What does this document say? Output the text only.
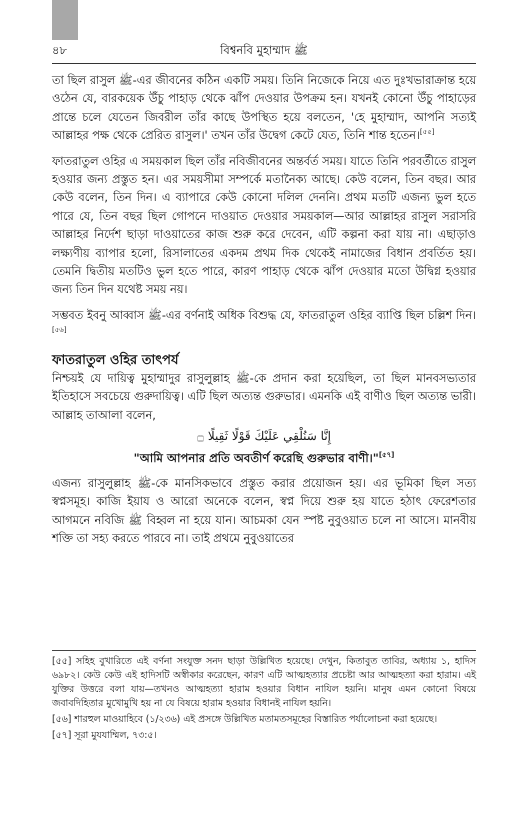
৪৮	বিশ্বনবি মুহাম্মাদ ﷺ

তা ছিল রাসুল ﷺ-এর জীবনের কঠিন একটি সময়। তিনি নিজেকে নিয়ে এত দুঃখভারাক্রান্ত হয়ে ওঠেন যে, বারকয়েক উঁচু পাহাড় থেকে ঝাঁপ দেওয়ার উপক্রম হন। যখনই কোনো উঁচু পাহাড়ের প্রান্তে চলে যেতেন জিবরীল তাঁর কাছে উপস্থিত হয়ে বলতেন, 'হে মুহাম্মাদ, আপনি সত্যই আল্লাহর পক্ষ থেকে প্রেরিত রাসুল।' তখন তাঁর উদ্বেগ কেটে যেত, তিনি শান্ত হতেন।[৫৫]

ফাতরাতুল ওহির এ সময়কাল ছিল তাঁর নবিজীবনের অন্তর্বর্ত সময়। যাতে তিনি পরবর্তীতে রাসুল হওয়ার জন্য প্রস্তুত হন। এর সময়সীমা সম্পর্কে মতানৈক্য আছে। কেউ বলেন, তিন বছর। আর কেউ বলেন, তিন দিন। এ ব্যাপারে কেউ কোনো দলিল দেননি। প্রথম মতটি এজন্য ভুল হতে পারে যে, তিন বছর ছিল গোপনে দাওয়াত দেওয়ার সময়কাল—আর আল্লাহর রাসুল সরাসরি আল্লাহর নির্দেশ ছাড়া দাওয়াতের কাজ শুরু করে দেবেন, এটি কল্পনা করা যায় না। এছাড়াও লক্ষ্যণীয় ব্যাপার হলো, রিসালাতের একদম প্রথম দিক থেকেই নামাজের বিধান প্রবর্তিত হয়। তেমনি দ্বিতীয় মতটিও ভুল হতে পারে, কারণ পাহাড় থেকে ঝাঁপ দেওয়ার মতো উদ্বিগ্ন হওয়ার জন্য তিন দিন যথেষ্ট সময় নয়।

সম্ভবত ইবনু আব্বাস ﷺ-এর বর্ণনাই অধিক বিশুদ্ধ যে, ফাতরাতুল ওহির ব্যাপ্তি ছিল চল্লিশ দিন।[৫৬]

ফাতরাতুল ওহির তাৎপর্য

নিশ্চয়ই যে দায়িত্ব মুহাম্মাদুর রাসুলুল্লাহ ﷺ-কে প্রদান করা হয়েছিল, তা ছিল মানবসভ্যতার ইতিহাসে সবচেয়ে গুরুদায়িত্ব। এটি ছিল অত্যন্ত গুরুভার। এমনকি এই বাণীও ছিল অত্যন্ত ভারী। আল্লাহ তাআলা বলেন,

إِنَّا سَنُلْقِي عَلَيْكَ قَوْلًا ثَقِيلًا ۝
"আমি আপনার প্রতি অবতীর্ণ করেছি গুরুভার বাণী।"[৫৭]

এজন্য রাসুলুল্লাহ ﷺ-কে মানসিকভাবে প্রস্তুত করার প্রয়োজন হয়। এর ভূমিকা ছিল সত্য স্বপ্নসমূহ। কাজি ইয়ায ও আরো অনেকে বলেন, স্বপ্ন দিয়ে শুরু হয় যাতে হঠাৎ ফেরেশতার আগমনে নবিজি ﷺ বিহ্বল না হয়ে যান। আচমকা যেন স্পষ্ট নুবুওয়াত চলে না আসে। মানবীয় শক্তি তা সহ্য করতে পারবে না। তাই প্রথমে নুবুওয়াতের

[৫৫] সহিহ বুখারিতে এই বর্ণনা সংযুক্ত সনদ ছাড়া উল্লিখিত হয়েছে। দেখুন, কিতাবুত তাবির, অধ্যায় ১, হাদিস ৬৯৮২। কেউ কেউ এই হাদিসটি অস্বীকার করেছেন, কারণ এটি আত্মহত্যার প্রচেষ্টা আর আত্মহত্যা করা হারাম। এই যুক্তির উত্তরে বলা যায়—তখনও আত্মহত্যা হারাম হওয়ার বিধান নাযিল হয়নি। মানুষ এমন কোনো বিষয়ে জবাবদিহিতার মুখোমুখি হয় না যে বিষয়ে হারাম হওয়ার বিধানই নাযিল হয়নি।

[৫৬] শারহুল মাওয়াহিবে (১/২৩৬) এই প্রসঙ্গে উল্লিখিত মতামতসমূহের বিস্তারিত পর্যালোচনা করা হয়েছে।

[৫৭] সূরা মুযযাম্মিল, ৭৩:৫।
